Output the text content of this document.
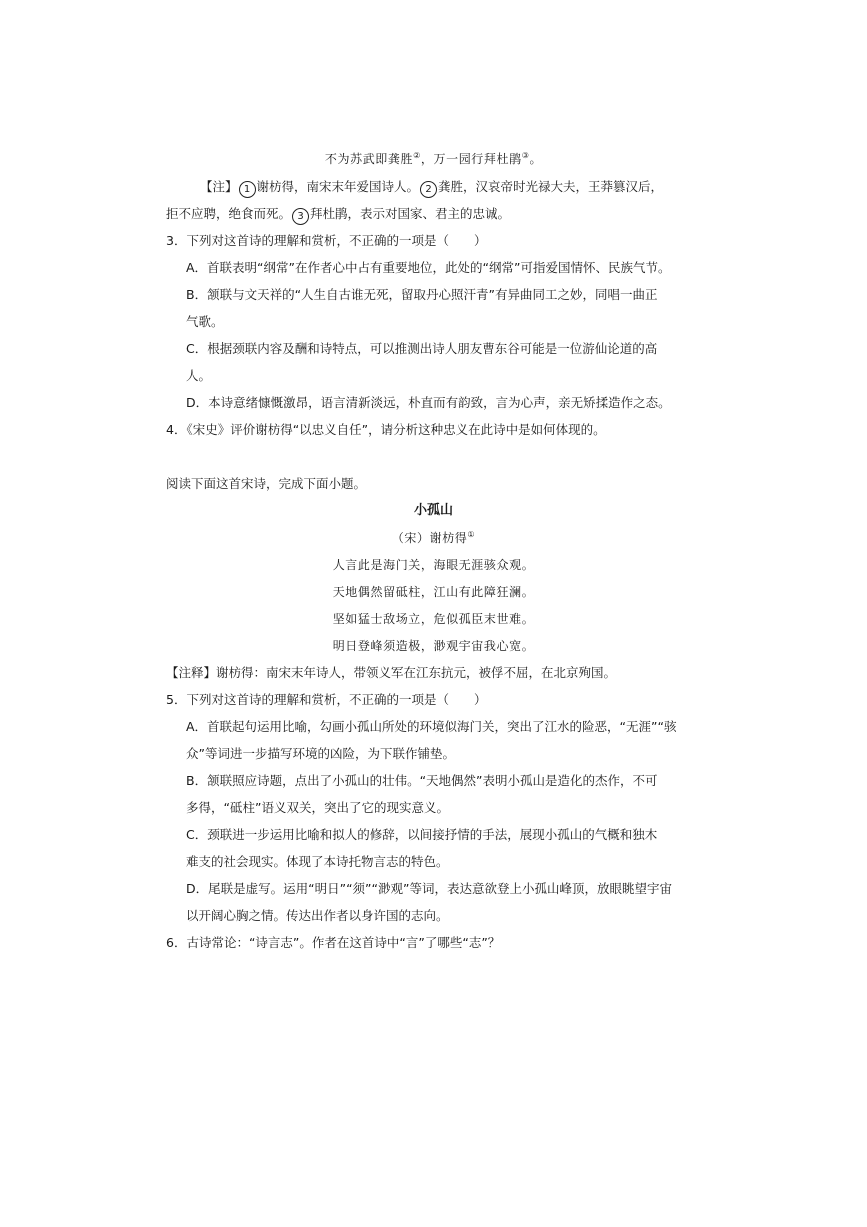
不为苏武即龚胜②，万一园行拜杜鹃③。
【注】 1 谢枋得，南宋末年爱国诗人。 2 龚胜，汉哀帝时光禄大夫，王莽篡汉后，
拒不应聘，绝食而死。 3 拜杜鹃，表示对国家、君主的忠诚。
3．下列对这首诗的理解和赏析，不正确的一项是（　　）
A．首联表明“纲常”在作者心中占有重要地位，此处的“纲常”可指爱国情怀、民族气节。
B．颔联与文天祥的“人生自古谁无死，留取丹心照汗青”有异曲同工之妙，同唱一曲正
气歌。
C．根据颈联内容及酬和诗特点，可以推测出诗人朋友曹东谷可能是一位游仙论道的高
人。
D．本诗意绪慷慨激昂，语言清新淡远，朴直而有韵致，言为心声，亲无矫揉造作之态。
4．《宋史》评价谢枋得“以忠义自任”，请分析这种忠义在此诗中是如何体现的。
阅读下面这首宋诗，完成下面小题。
小孤山
（宋）谢枋得①
人言此是海门关，海眼无涯骇众观。
天地偶然留砥柱，江山有此障狂澜。
坚如猛士敌场立，危似孤臣末世难。
明日登峰须造极，渺观宇宙我心宽。
【注释】谢枋得：南宋末年诗人，带领义军在江东抗元，被俘不屈，在北京殉国。
5．下列对这首诗的理解和赏析，不正确的一项是（　　）
A．首联起句运用比喻，勾画小孤山所处的环境似海门关，突出了江水的险恶，“无涯”“骇
众”等词进一步描写环境的凶险，为下联作铺垫。
B．颔联照应诗题，点出了小孤山的壮伟。“天地偶然”表明小孤山是造化的杰作，不可
多得，“砥柱”语义双关，突出了它的现实意义。
C．颈联进一步运用比喻和拟人的修辞，以间接抒情的手法，展现小孤山的气概和独木
难支的社会现实。体现了本诗托物言志的特色。
D．尾联是虚写。运用“明日”“须”“渺观”等词，表达意欲登上小孤山峰顶，放眼眺望宇宙
以开阔心胸之情。传达出作者以身许国的志向。
6．古诗常论：“诗言志”。作者在这首诗中“言”了哪些“志”？
